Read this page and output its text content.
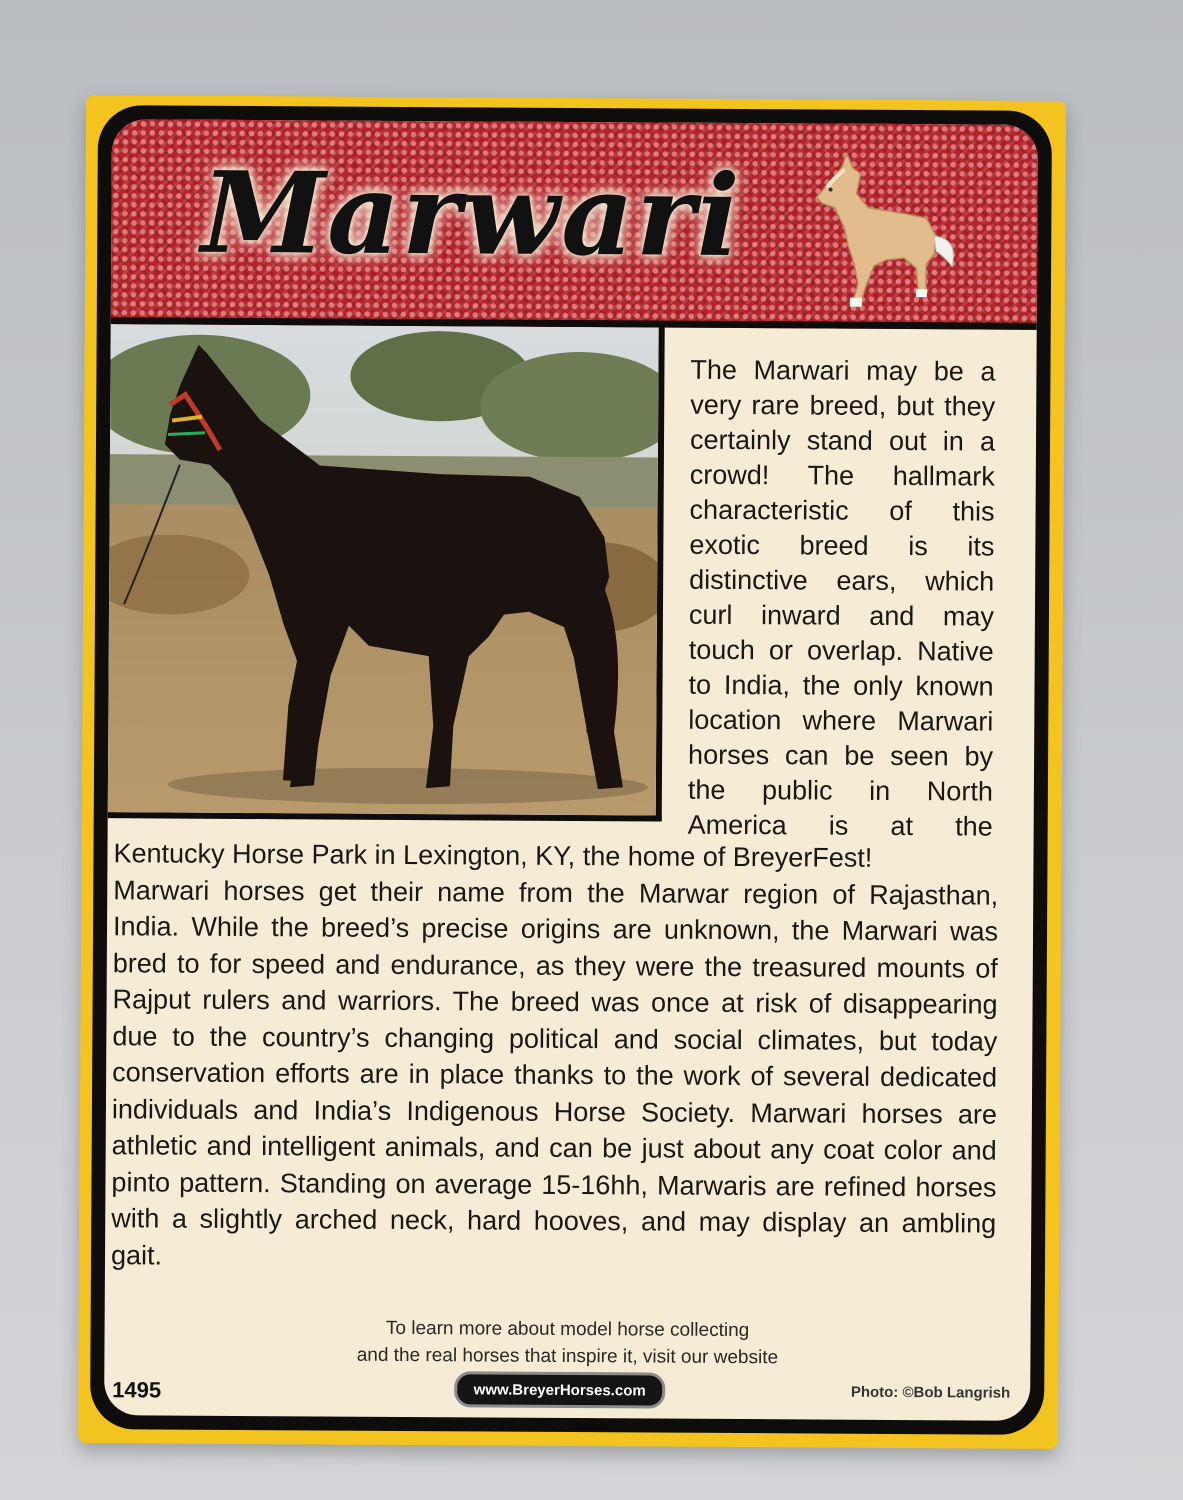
Marwari
The Marwari may be a very rare breed, but they certainly stand out in a crowd! The hallmark characteristic of this exotic breed is its distinctive ears, which curl inward and may touch or overlap. Native to India, the only known location where Marwari horses can be seen by the public in North America is at the

Kentucky Horse Park in Lexington, KY, the home of BreyerFest!

Marwari horses get their name from the Marwar region of Rajasthan, India. While the breed’s precise origins are unknown, the Marwari was bred to for speed and endurance, as they were the treasured mounts of Rajput rulers and warriors. The breed was once at risk of disappearing due to the country’s changing political and social climates, but today conservation efforts are in place thanks to the work of several dedicated individuals and India’s Indigenous Horse Society. Marwari horses are athletic and intelligent animals, and can be just about any coat color and pinto pattern. Standing on average 15-16hh, Marwaris are refined horses with a slightly arched neck, hard hooves, and may display an ambling gait.

To learn more about model horse collecting
and the real horses that inspire it, visit our website
1495	www.BreyerHorses.com	Photo: ©Bob Langrish
